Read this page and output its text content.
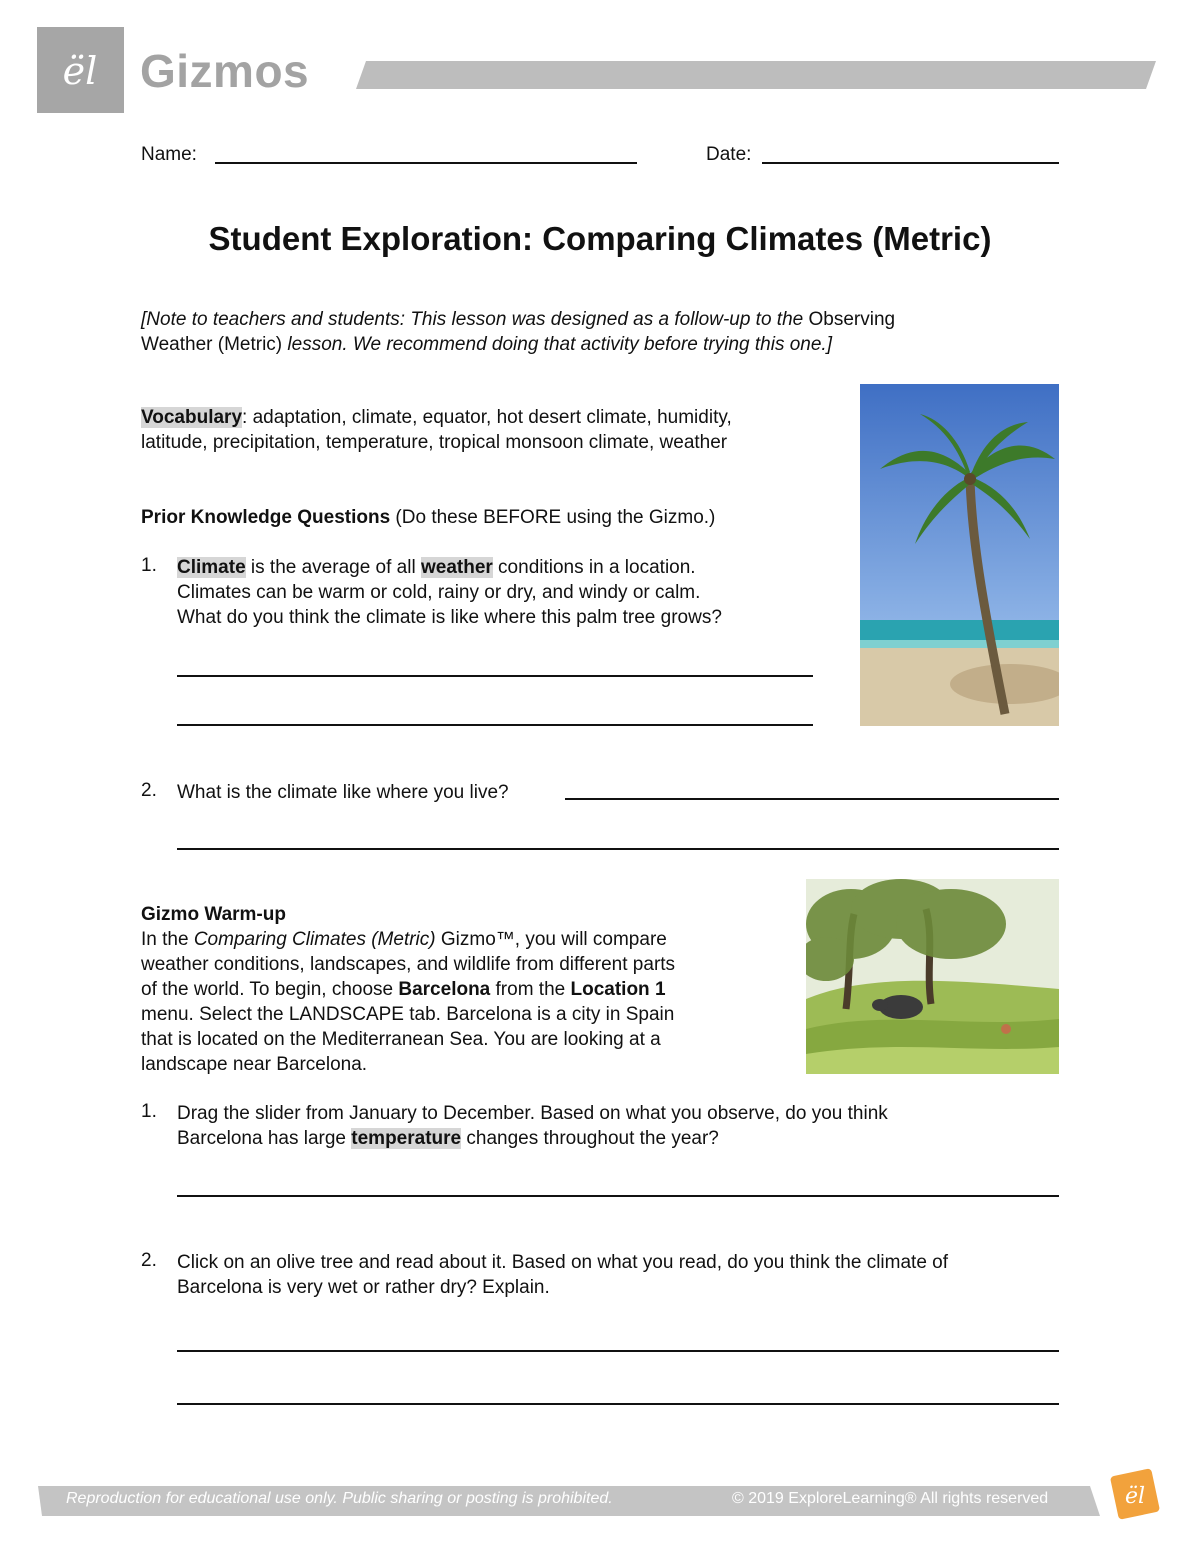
ël Gizmos
Name:	Date:
Student Exploration: Comparing Climates (Metric)
[Note to teachers and students: This lesson was designed as a follow-up to the Observing
Weather (Metric) lesson. We recommend doing that activity before trying this one.]
Vocabulary: adaptation, climate, equator, hot desert climate, humidity,
latitude, precipitation, temperature, tropical monsoon climate, weather
Prior Knowledge Questions (Do these BEFORE using the Gizmo.)
1. Climate is the average of all weather conditions in a location.
Climates can be warm or cold, rainy or dry, and windy or calm.
What do you think the climate is like where this palm tree grows?
2. What is the climate like where you live?
Gizmo Warm-up
In the Comparing Climates (Metric) Gizmo™, you will compare
weather conditions, landscapes, and wildlife from different parts
of the world. To begin, choose Barcelona from the Location 1
menu. Select the LANDSCAPE tab. Barcelona is a city in Spain
that is located on the Mediterranean Sea. You are looking at a
landscape near Barcelona.
1. Drag the slider from January to December. Based on what you observe, do you think
Barcelona has large temperature changes throughout the year?
2. Click on an olive tree and read about it. Based on what you read, do you think the climate of
Barcelona is very wet or rather dry? Explain.
Reproduction for educational use only. Public sharing or posting is prohibited.	© 2019 ExploreLearning® All rights reserved	ël
